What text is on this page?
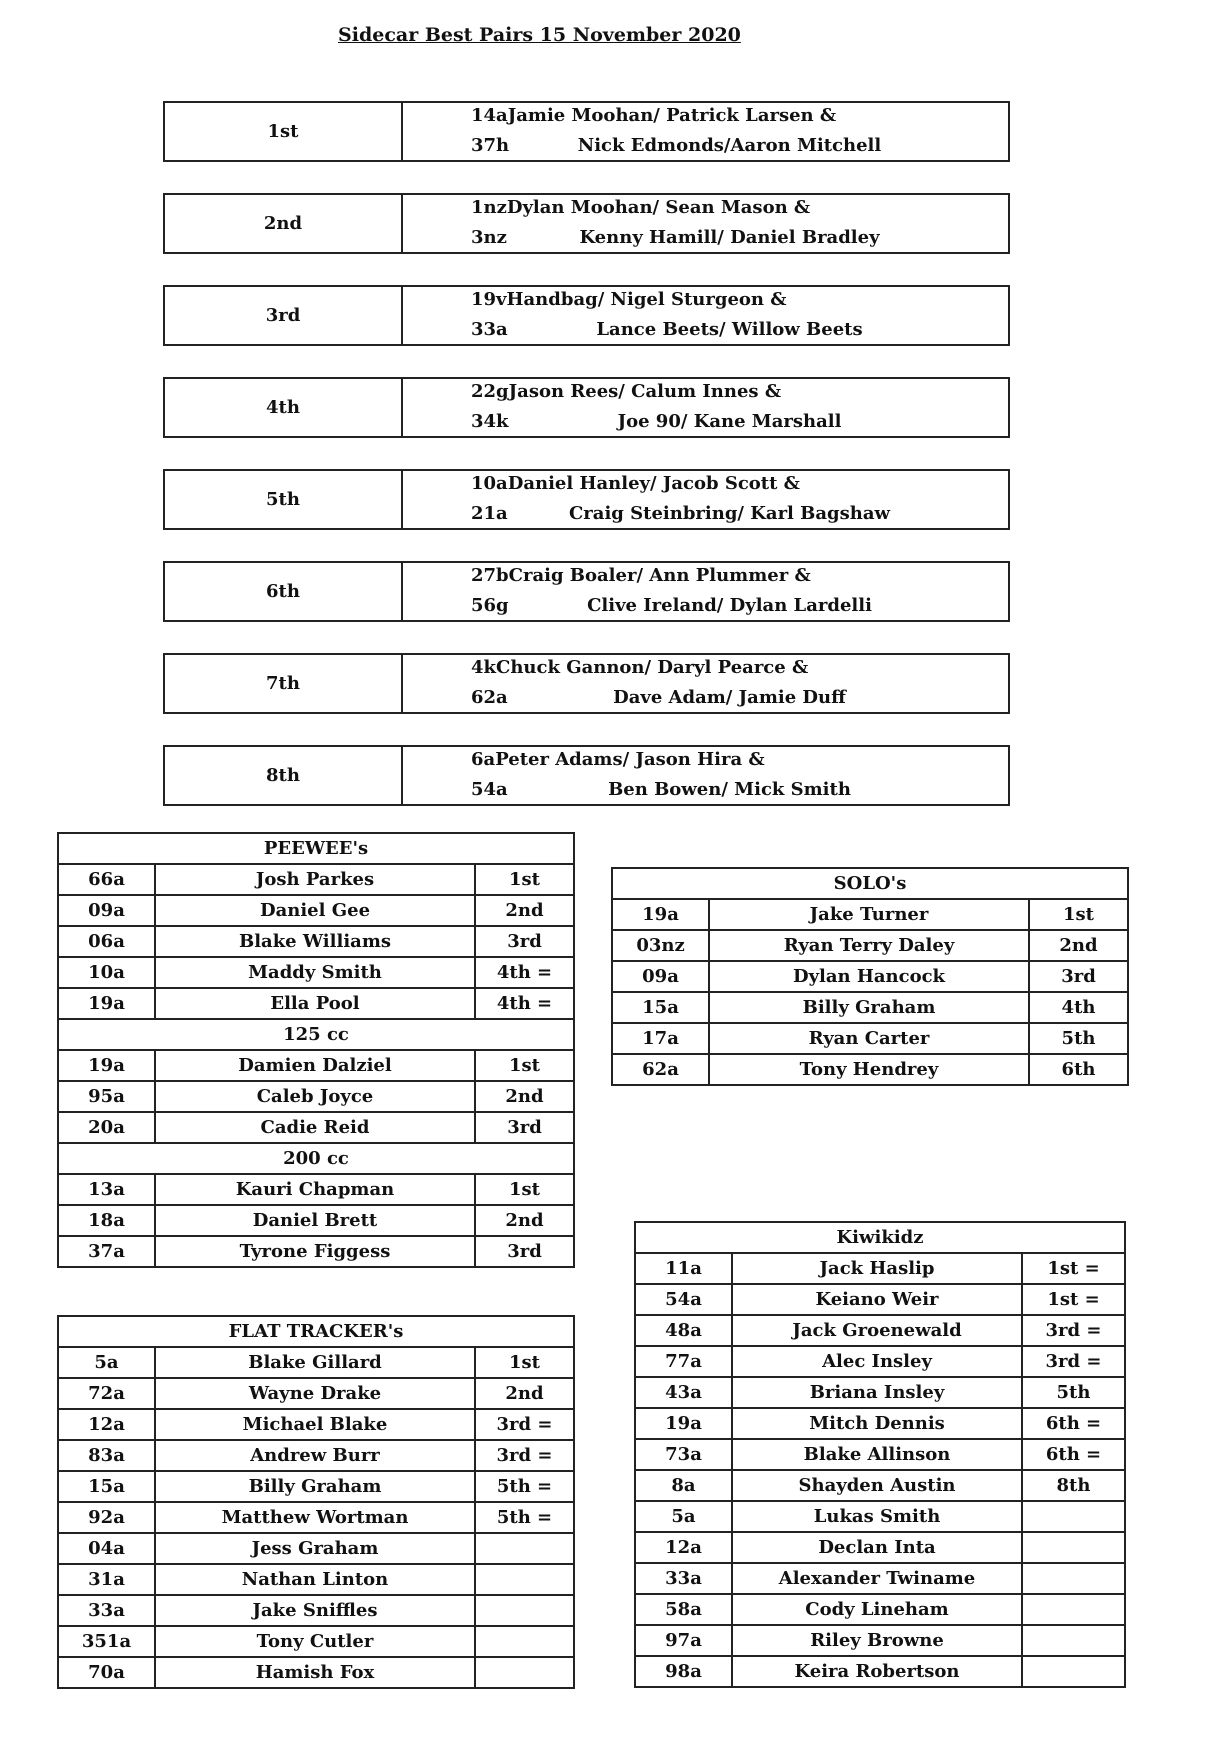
Sidecar Best Pairs 15 November 2020
1st
14aJamie Moohan/ Patrick Larsen &
37h	Nick Edmonds/Aaron Mitchell
2nd
1nzDylan Moohan/ Sean Mason &
3nz	Kenny Hamill/ Daniel Bradley
3rd
19vHandbag/ Nigel Sturgeon &
33a	Lance Beets/ Willow Beets
4th
22gJason Rees/ Calum Innes &
34k	Joe 90/ Kane Marshall
5th
10aDaniel Hanley/ Jacob Scott &
21a	Craig Steinbring/ Karl Bagshaw
6th
27bCraig Boaler/ Ann Plummer &
56g	Clive Ireland/ Dylan Lardelli
7th
4kChuck Gannon/ Daryl Pearce &
62a	Dave Adam/ Jamie Duff
8th
6aPeter Adams/ Jason Hira &
54a	Ben Bowen/ Mick Smith
PEEWEE's		
66a	Josh Parkes	1st
09a	Daniel Gee	2nd
06a	Blake Williams	3rd
10a	Maddy Smith	4th =
19a	Ella Pool	4th =
125 cc		
19a	Damien Dalziel	1st
95a	Caleb Joyce	2nd
20a	Cadie Reid	3rd
200 cc		
13a	Kauri Chapman	1st
18a	Daniel Brett	2nd
37a	Tyrone Figgess	3rd
SOLO's		
19a	Jake Turner	1st
03nz	Ryan Terry Daley	2nd
09a	Dylan Hancock	3rd
15a	Billy Graham	4th
17a	Ryan Carter	5th
62a	Tony Hendrey	6th
FLAT TRACKER's		
5a	Blake Gillard	1st
72a	Wayne Drake	2nd
12a	Michael Blake	3rd =
83a	Andrew Burr	3rd =
15a	Billy Graham	5th =
92a	Matthew Wortman	5th =
04a	Jess Graham	
31a	Nathan Linton	
33a	Jake Sniffles	
351a	Tony Cutler	
70a	Hamish Fox	
Kiwikidz		
11a	Jack Haslip	1st =
54a	Keiano Weir	1st =
48a	Jack Groenewald	3rd =
77a	Alec Insley	3rd =
43a	Briana Insley	5th
19a	Mitch Dennis	6th =
73a	Blake Allinson	6th =
8a	Shayden Austin	8th
5a	Lukas Smith	
12a	Declan Inta	
33a	Alexander Twiname	
58a	Cody Lineham	
97a	Riley Browne	
98a	Keira Robertson	
